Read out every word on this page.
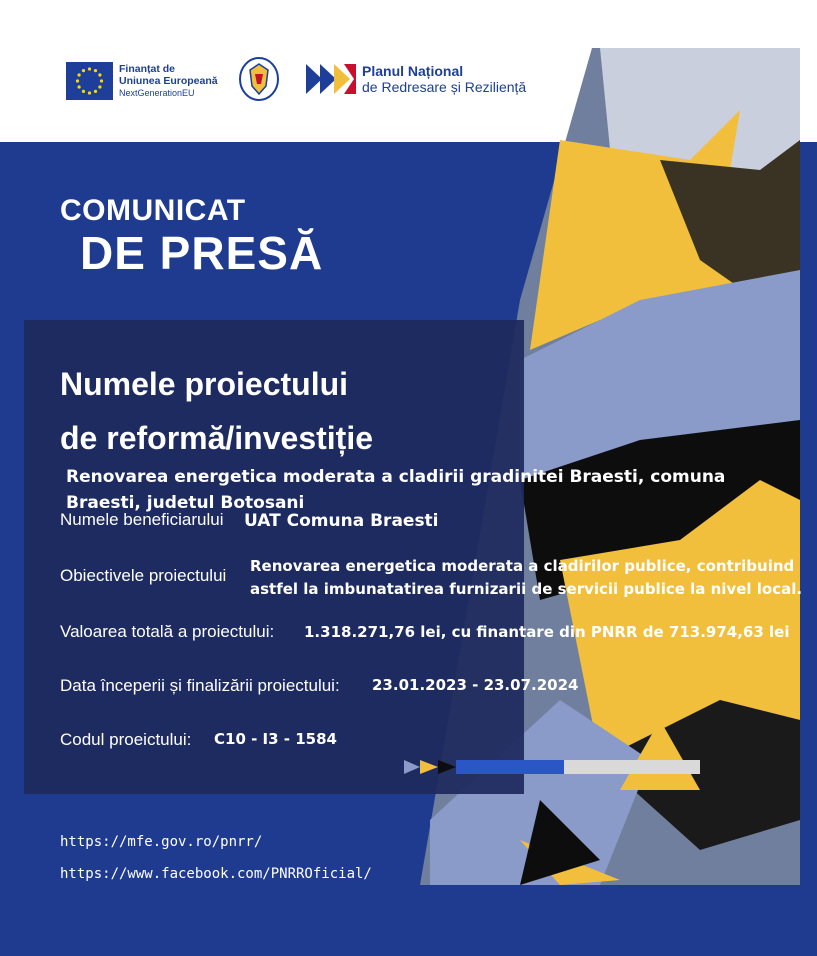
Finanțat de
Uniunea Europeană
NextGenerationEU
Planul Național
de Redresare și Reziliență
COMUNICAT
DE PRESĂ
Numele proiectului
de reformă/investiție
Renovarea energetica moderata a cladirii gradinitei Braesti, comuna Braesti, judetul Botosani
Numele beneficiarului UAT Comuna Braesti
Obiectivele proiectului Renovarea energetica moderata a cladirilor publice, contribuind
astfel la imbunatatirea furnizarii de servicii publice la nivel local.
Valoarea totală a proiectului: 1.318.271,76 lei, cu finantare din PNRR de 713.974,63 lei
Data începerii și finalizării proiectului: 23.01.2023 - 23.07.2024
Codul proeictului: C10 - I3 - 1584
https://mfe.gov.ro/pnrr/
https://www.facebook.com/PNRROficial/
